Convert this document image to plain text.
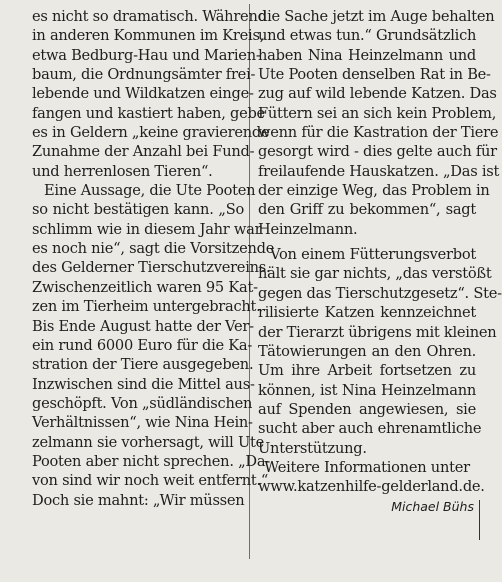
es nicht so dramatisch. Während
in anderen Kommunen im Kreis,
etwa Bedburg-Hau und Marien-
baum, die Ordnungsämter frei-
lebende und Wildkatzen einge-
fangen und kastiert haben, gebe
es in Geldern „keine gravierende
Zunahme der Anzahl bei Fund-
und herrenlosen Tieren“.
Eine Aussage, die Ute Pooten
so nicht bestätigen kann. „So
schlimm wie in diesem Jahr war
es noch nie“, sagt die Vorsitzende
des Gelderner Tierschutzvereins.
Zwischenzeitlich waren 95 Kat-
zen im Tierheim untergebracht.
Bis Ende August hatte der Ver-
ein rund 6000 Euro für die Ka-
stration der Tiere ausgegeben.
Inzwischen sind die Mittel aus-
geschöpft. Von „südländischen
Verhältnissen“, wie Nina Hein-
zelmann sie vorhersagt, will Ute
Pooten aber nicht sprechen. „Da-
von sind wir noch weit entfernt.“
Doch sie mahnt: „Wir müssen
die Sache jetzt im Auge behalten
und etwas tun.“ Grundsätzlich
haben Nina Heinzelmann und
Ute Pooten denselben Rat in Be-
zug auf wild lebende Katzen. Das
Füttern sei an sich kein Problem,
wenn für die Kastration der Tiere
gesorgt wird - dies gelte auch für
freilaufende Hauskatzen. „Das ist
der einzige Weg, das Problem in
den Griff zu bekommen“, sagt
Heinzelmann.
Von einem Fütterungsverbot
hält sie gar nichts, „das verstößt
gegen das Tierschutzgesetz“. Ste-
rilisierte Katzen kennzeichnet
der Tierarzt übrigens mit kleinen
Tätowierungen an den Ohren.
Um ihre Arbeit fortsetzen zu
können, ist Nina Heinzelmann
auf Spenden angewiesen, sie
sucht aber auch ehrenamtliche
Unterstützung.
Weitere Informationen unter
www.katzenhilfe-gelderland.de.
Michael Bühs
